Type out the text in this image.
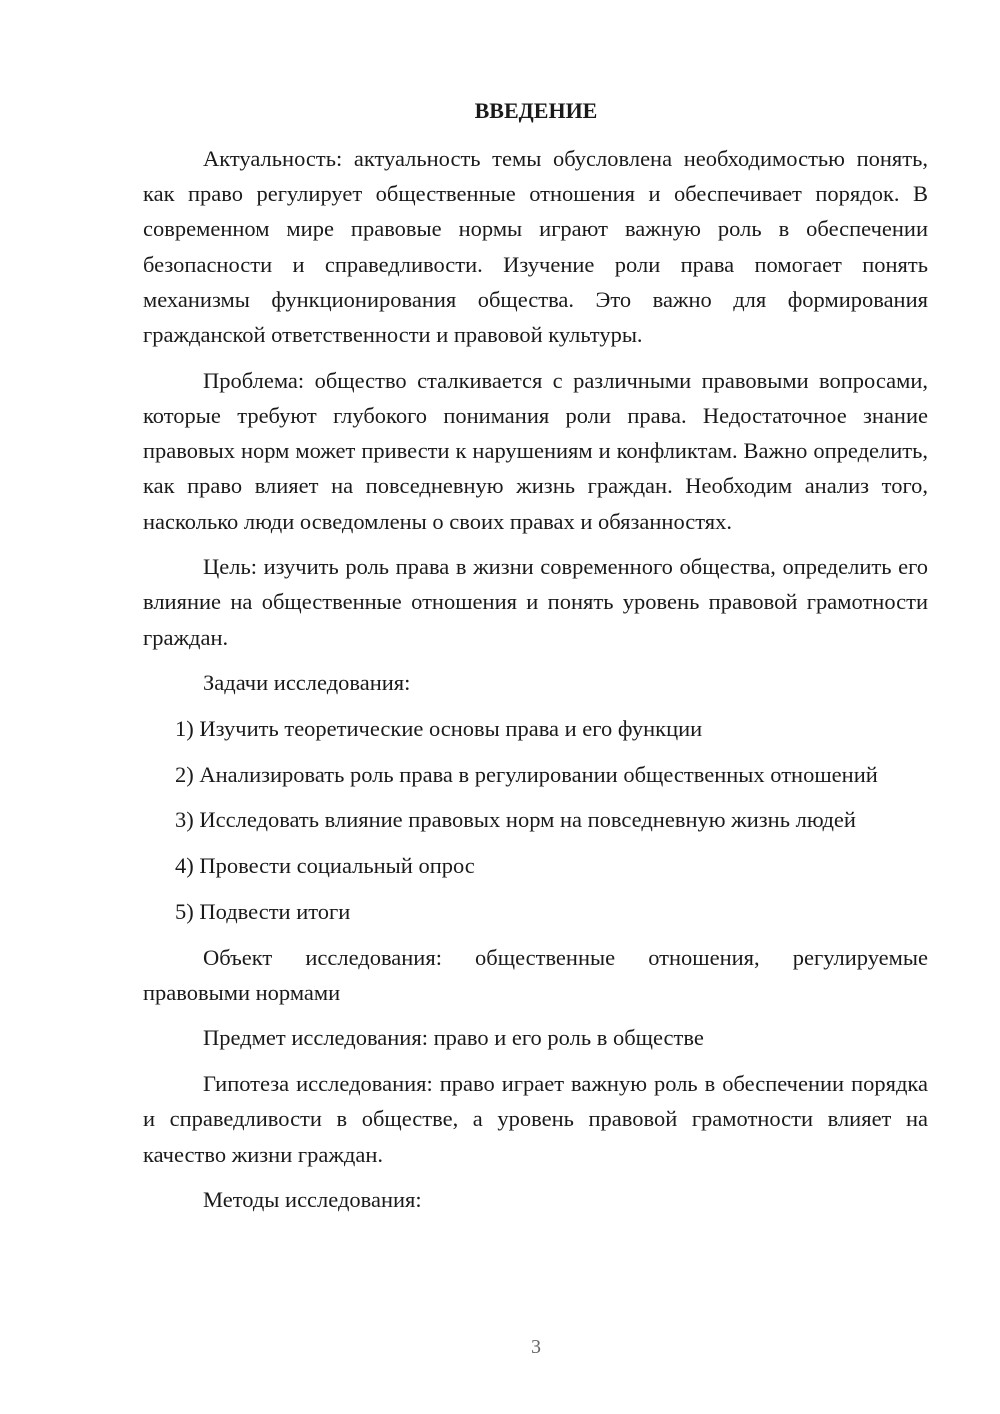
ВВЕДЕНИЕ

Актуальность: актуальность темы обусловлена необходимостью понять, как право регулирует общественные отношения и обеспечивает порядок. В современном мире правовые нормы играют важную роль в обеспечении безопасности и справедливости. Изучение роли права помогает понять механизмы функционирования общества. Это важно для формирования гражданской ответственности и правовой культуры.

Проблема: общество сталкивается с различными правовыми вопросами, которые требуют глубокого понимания роли права. Недостаточное знание правовых норм может привести к нарушениям и конфликтам. Важно определить, как право влияет на повседневную жизнь граждан. Необходим анализ того, насколько люди осведомлены о своих правах и обязанностях.

Цель: изучить роль права в жизни современного общества, определить его влияние на общественные отношения и понять уровень правовой грамотности граждан.

Задачи исследования:

1) Изучить теоретические основы права и его функции

2) Анализировать роль права в регулировании общественных отношений

3) Исследовать влияние правовых норм на повседневную жизнь людей

4) Провести социальный опрос

5) Подвести итоги

Объект исследования: общественные отношения, регулируемые правовыми нормами

Предмет исследования: право и его роль в обществе

Гипотеза исследования: право играет важную роль в обеспечении порядка и справедливости в обществе, а уровень правовой грамотности влияет на качество жизни граждан.

Методы исследования:

3
